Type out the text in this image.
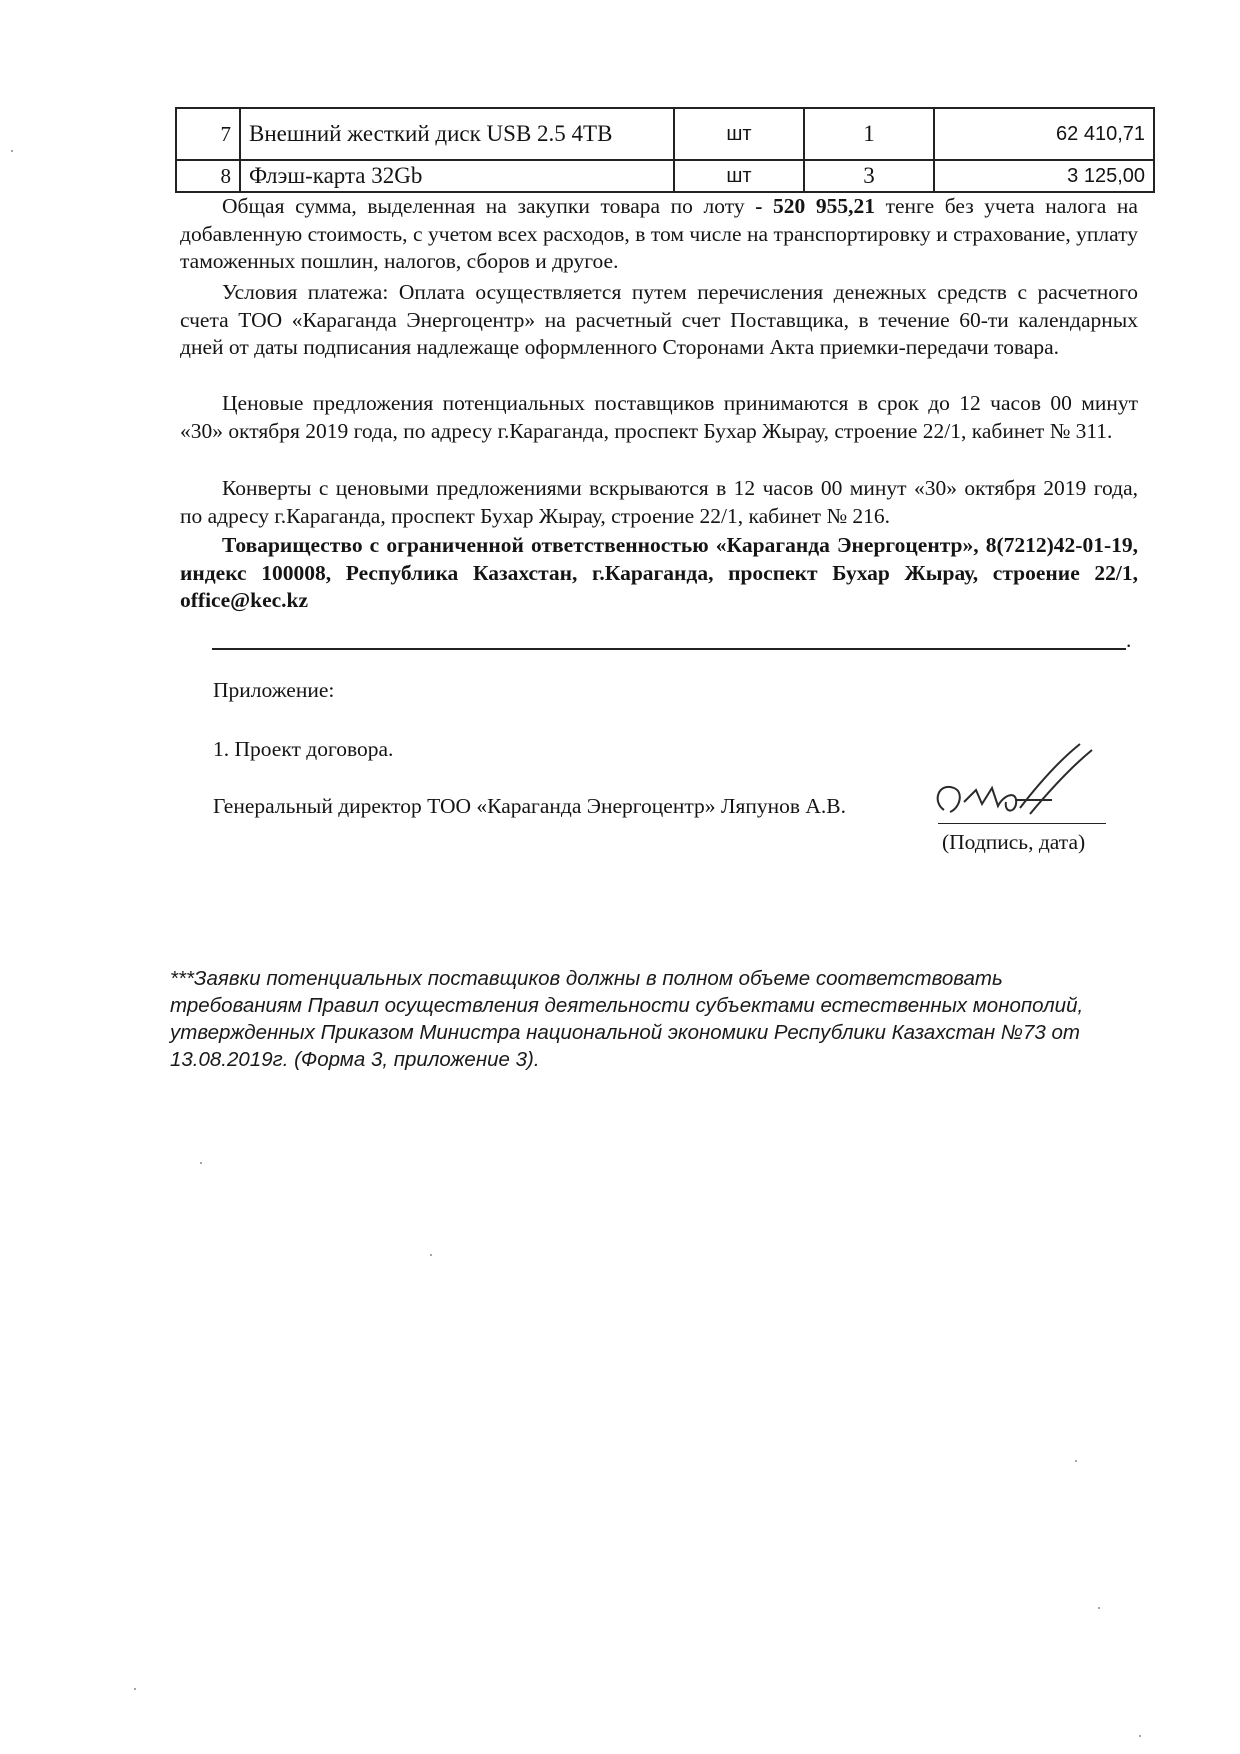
7	Внешний жесткий диск USB 2.5 4TB	шт	1	62 410,71
8	Флэш-карта 32Gb	шт	3	3 125,00

Общая сумма, выделенная на закупки товара по лоту - 520 955,21 тенге без учета налога на добавленную стоимость, с учетом всех расходов, в том числе на транспортировку и страхование, уплату таможенных пошлин, налогов, сборов и другое.

Условия платежа: Оплата осуществляется путем перечисления денежных средств с расчетного счета ТОО «Караганда Энергоцентр» на расчетный счет Поставщика, в течение 60-ти календарных дней от даты подписания надлежаще оформленного Сторонами Акта приемки-передачи товара.

Ценовые предложения потенциальных поставщиков принимаются в срок до 12 часов 00 минут «30» октября 2019 года, по адресу г.Караганда, проспект Бухар Жырау, строение 22/1, кабинет № 311.

Конверты с ценовыми предложениями вскрываются в 12 часов 00 минут «30» октября 2019 года, по адресу г.Караганда, проспект Бухар Жырау, строение 22/1, кабинет № 216.

Товарищество с ограниченной ответственностью «Караганда Энергоцентр», 8(7212)42-01-19, индекс 100008, Республика Казахстан, г.Караганда, проспект Бухар Жырау, строение 22/1, office@kec.kz

.

Приложение:

1. Проект договора.

Генеральный директор ТОО «Караганда Энергоцентр» Ляпунов А.В.

(Подпись, дата)

***Заявки потенциальных поставщиков должны в полном объеме соответствовать требованиям Правил осуществления деятельности субъектами естественных монополий, утвержденных Приказом Министра национальной экономики Республики Казахстан №73 от 13.08.2019г. (Форма 3, приложение 3).
